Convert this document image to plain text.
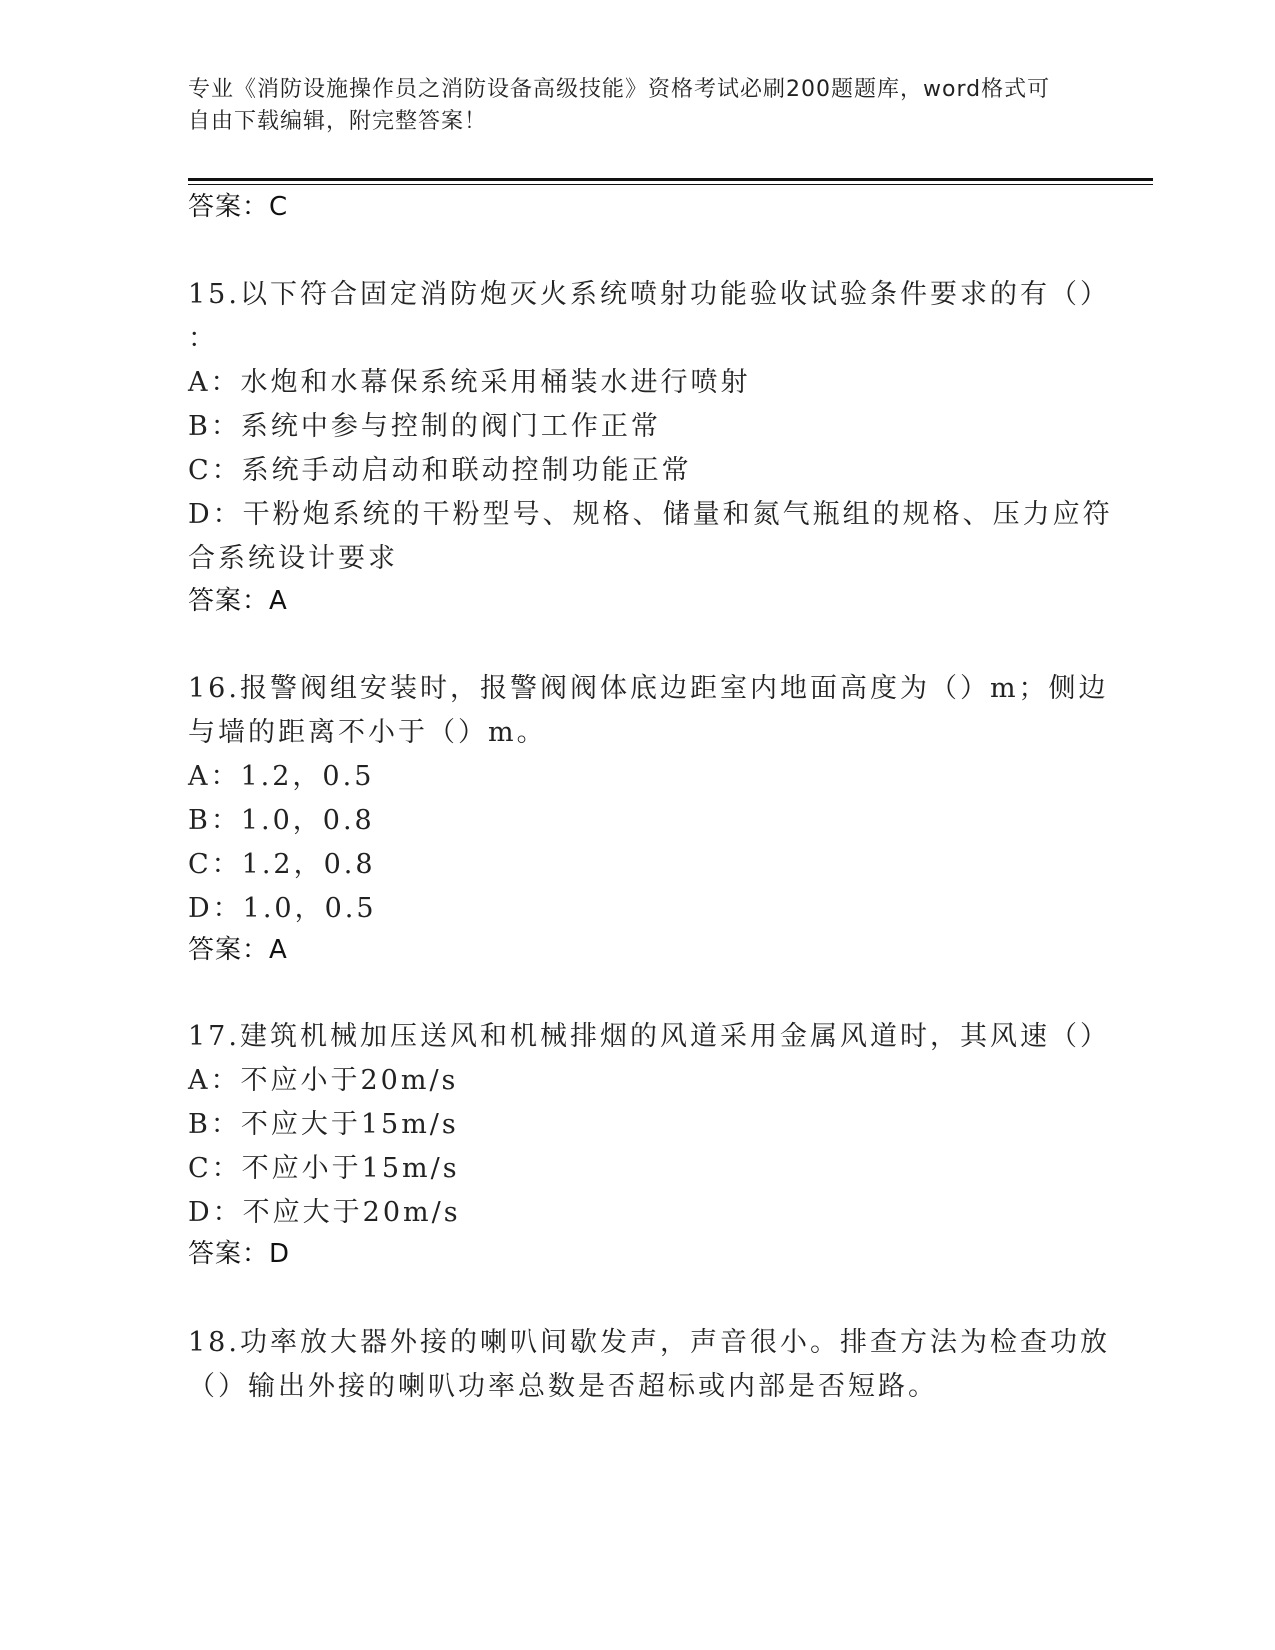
专业《消防设施操作员之消防设备高级技能》资格考试必刷200题题库，word格式可自由下载编辑，附完整答案！
答案：C
15.以下符合固定消防炮灭火系统喷射功能验收试验条件要求的有（）
：
A：水炮和水幕保系统采用桶装水进行喷射
B：系统中参与控制的阀门工作正常
C：系统手动启动和联动控制功能正常
D：干粉炮系统的干粉型号、规格、储量和氮气瓶组的规格、压力应符
合系统设计要求
答案：A
16.报警阀组安装时，报警阀阀体底边距室内地面高度为（）m；侧边
与墙的距离不小于（）m。
A：1.2，0.5
B：1.0，0.8
C：1.2，0.8
D：1.0，0.5
答案：A
17.建筑机械加压送风和机械排烟的风道采用金属风道时，其风速（）
A：不应小于20m/s
B：不应大于15m/s
C：不应小于15m/s
D：不应大于20m/s
答案：D
18.功率放大器外接的喇叭间歇发声，声音很小。排查方法为检查功放
（）输出外接的喇叭功率总数是否超标或内部是否短路。
